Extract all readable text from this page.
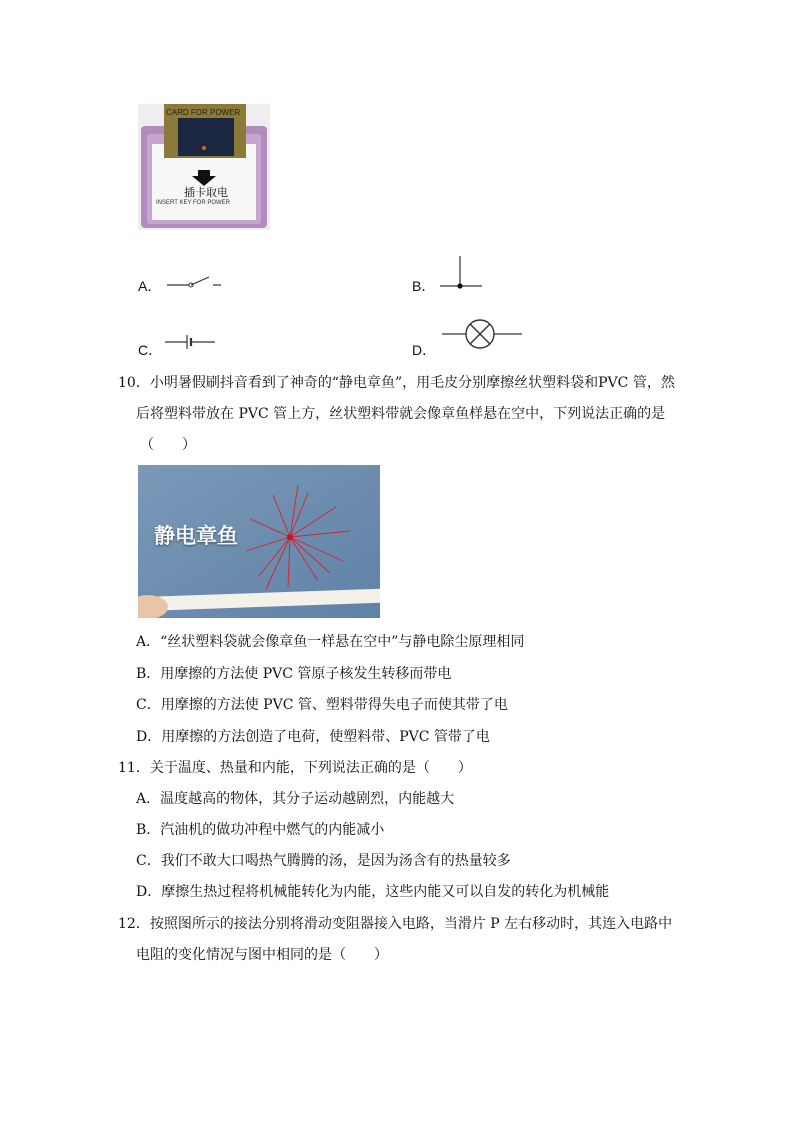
CARD FOR POWER
插卡取电
INSERT KEY FOR POWER
A．	B．
C．	D．
10．小明暑假刷抖音看到了神奇的“静电章鱼”，用毛皮分别摩擦丝状塑料袋和PVC 管，然
后将塑料带放在 PVC 管上方，丝状塑料带就会像章鱼样悬在空中，下列说法正确的是
（　　）
静电章鱼
A．“丝状塑料袋就会像章鱼一样悬在空中”与静电除尘原理相同
B．用摩擦的方法使 PVC 管原子核发生转移而带电
C．用摩擦的方法使 PVC 管、塑料带得失电子而使其带了电
D．用摩擦的方法创造了电荷，使塑料带、PVC 管带了电
11．关于温度、热量和内能，下列说法正确的是（　　）
A．温度越高的物体，其分子运动越剧烈，内能越大
B．汽油机的做功冲程中燃气的内能减小
C．我们不敢大口喝热气腾腾的汤，是因为汤含有的热量较多
D．摩擦生热过程将机械能转化为内能，这些内能又可以自发的转化为机械能
12．按照图所示的接法分别将滑动变阻器接入电路，当滑片 P 左右移动时，其连入电路中
电阻的变化情况与图中相同的是（　　）
